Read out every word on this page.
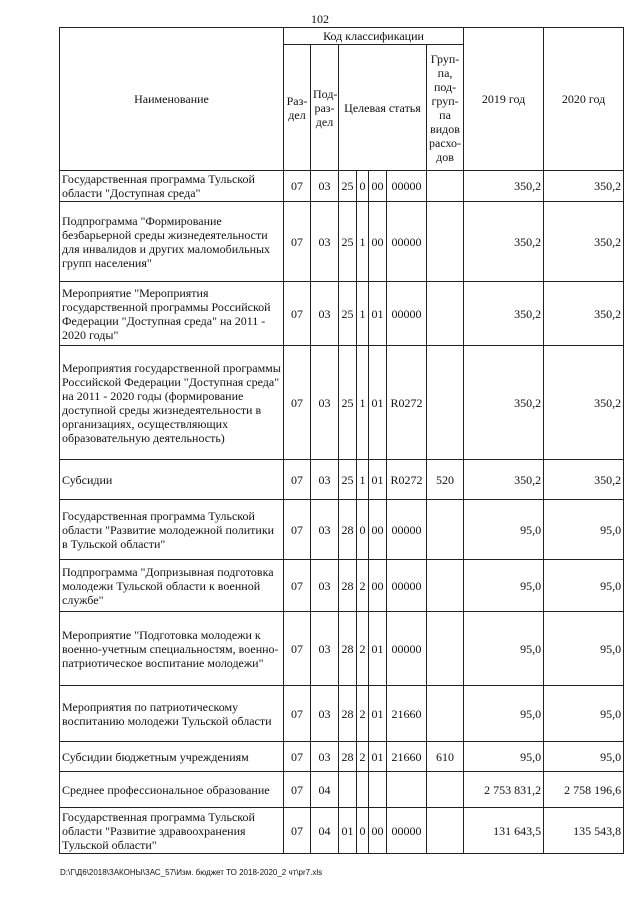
102
Наименование	Код классификации							2019 год	2020 год
	Раз-дел	Под-раз-дел	Целевая статья				Груп-па, под-груп-па видов расхо-дов		

Государственная программа Тульской области "Доступная среда"	07	03	25	0	00	00000		350,2	350,2
Подпрограмма "Формирование безбарьерной среды жизнедеятельности для инвалидов и других маломобильных групп населения"	07	03	25	1	00	00000		350,2	350,2
Мероприятие "Мероприятия государственной программы Российской Федерации "Доступная среда" на 2011 - 2020 годы"	07	03	25	1	01	00000		350,2	350,2
Мероприятия государственной программы Российской Федерации "Доступная среда" на 2011 - 2020 годы (формирование доступной среды жизнедеятельности в организациях, осуществляющих образовательную деятельность)	07	03	25	1	01	R0272		350,2	350,2
Субсидии	07	03	25	1	01	R0272	520	350,2	350,2
Государственная программа Тульской области "Развитие молодежной политики в Тульской области"	07	03	28	0	00	00000		95,0	95,0
Подпрограмма "Допризывная подготовка молодежи Тульской области к военной службе"	07	03	28	2	00	00000		95,0	95,0
Мероприятие "Подготовка молодежи к военно-учетным специальностям, военно-патриотическое воспитание молодежи"	07	03	28	2	01	00000		95,0	95,0
Мероприятия по патриотическому воспитанию молодежи Тульской области	07	03	28	2	01	21660		95,0	95,0
Субсидии бюджетным учреждениям	07	03	28	2	01	21660	610	95,0	95,0
Среднее профессиональное образование	07	04						2 753 831,2	2 758 196,6
Государственная программа Тульской области "Развитие здравоохранения Тульской области"	07	04	01	0	00	00000		131 643,5	135 543,8
D:\Г\Д6\2018\ЗАКОНЫ\ЗАС_57\Изм. бюджет ТО 2018-2020_2 чт\pr7.xls
